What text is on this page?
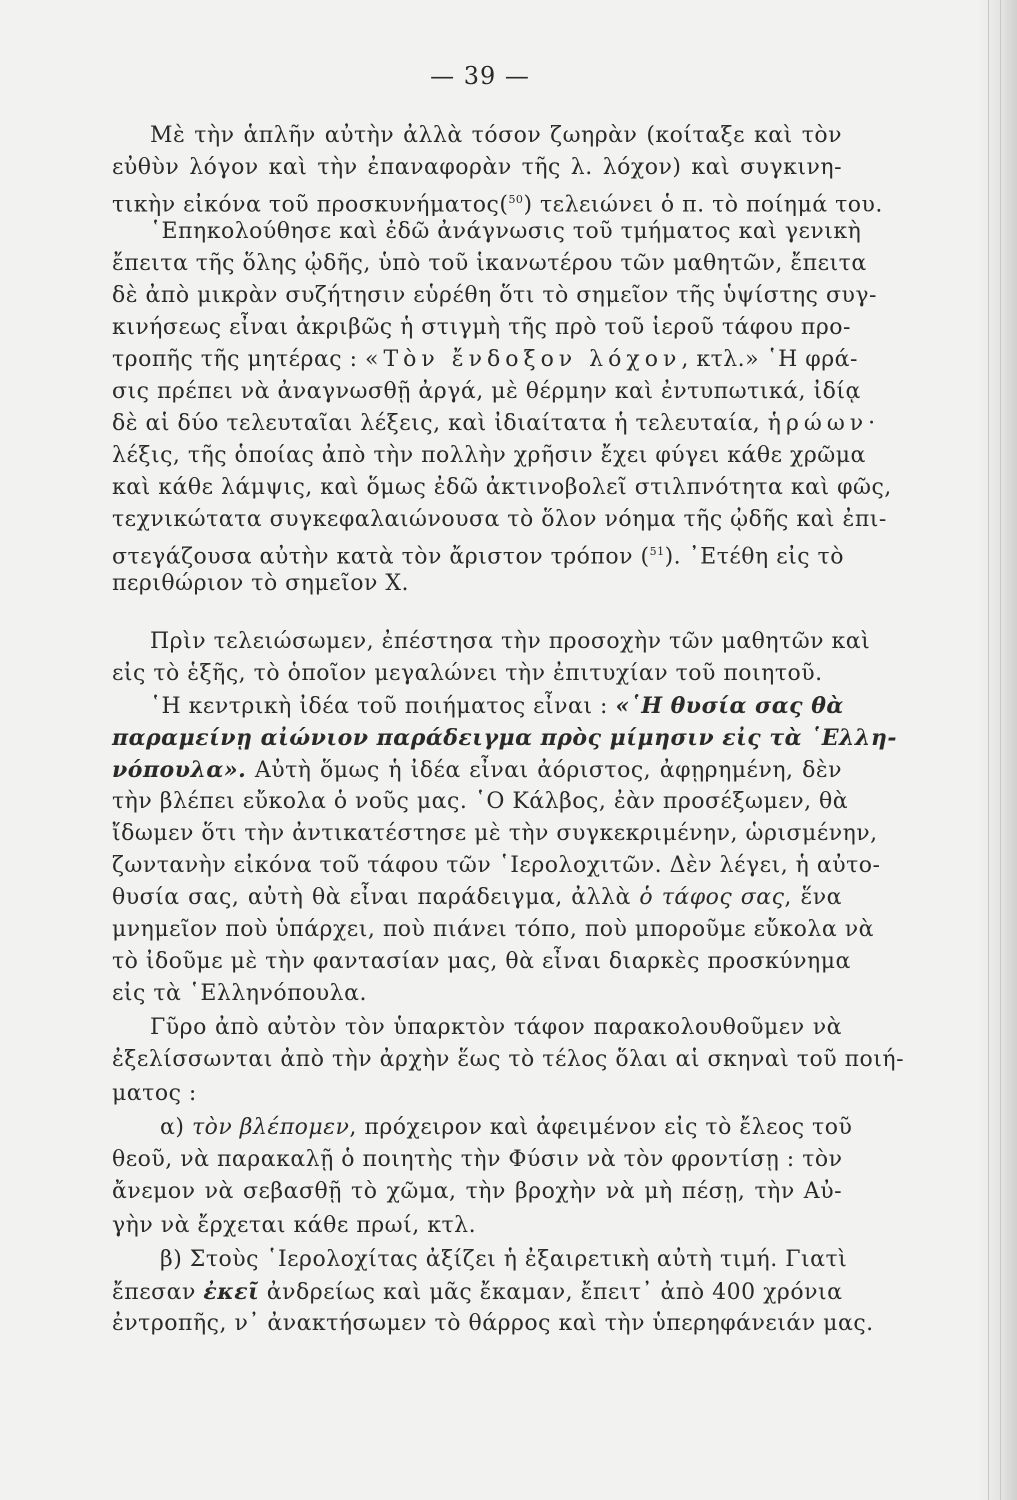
— 39 —
Μὲ τὴν ἁπλῆν αὐτὴν ἀλλὰ τόσον ζωηρὰν (κοίταξε καὶ τὸν
εὐθὺν λόγον καὶ τὴν ἐπαναφορὰν τῆς λ. λόχον) καὶ συγκινη-
τικὴν εἰκόνα τοῦ προσκυνήματος($^{50}$) τελειώνει ὁ π. τὸ ποίημά του.
῾Επηκολούθησε καὶ ἐδῶ ἀνάγνωσις τοῦ τμήματος καὶ γενικὴ
ἔπειτα τῆς ὅλης ᾠδῆς, ὑπὸ τοῦ ἱκανωτέρου τῶν μαθητῶν, ἔπειτα
δὲ ἀπὸ μικρὰν συζήτησιν εὑρέθη ὅτι τὸ σημεῖον τῆς ὑψίστης συγ-
κινήσεως εἶναι ἀκριβῶς ἡ στιγμὴ τῆς πρὸ τοῦ ἱεροῦ τάφου προ-
τροπῆς τῆς μητέρας : «Τὸν ἔνδοξον λόχον, κτλ.» ῾Η φρά-
σις πρέπει νὰ ἀναγνωσθῇ ἀργά, μὲ θέρμην καὶ ἐντυπωτικά, ἰδίᾳ
δὲ αἱ δύο τελευταῖαι λέξεις, καὶ ἰδιαίτατα ἡ τελευταία, ἡρώων·
λέξις, τῆς ὁποίας ἀπὸ τὴν πολλὴν χρῆσιν ἔχει φύγει κάθε χρῶμα
καὶ κάθε λάμψις, καὶ ὅμως ἐδῶ ἀκτινοβολεῖ στιλπνότητα καὶ φῶς,
τεχνικώτατα συγκεφαλαιώνουσα τὸ ὅλον νόημα τῆς ᾠδῆς καὶ ἐπι-
στεγάζουσα αὐτὴν κατὰ τὸν ἄριστον τρόπον ($^{51}$). ᾿Ετέθη εἰς τὸ
περιθώριον τὸ σημεῖον Χ.
Πρὶν τελειώσωμεν, ἐπέστησα τὴν προσοχὴν τῶν μαθητῶν καὶ
εἰς τὸ ἑξῆς, τὸ ὁποῖον μεγαλώνει τὴν ἐπιτυχίαν τοῦ ποιητοῦ.
῾Η κεντρικὴ ἰδέα τοῦ ποιήματος εἶναι : «῾Η θυσία σας θὰ
παραμείνῃ αἰώνιον παράδειγμα πρὸς μίμησιν εἰς τὰ ῾Ελλη-
νόπουλα». Αὐτὴ ὅμως ἡ ἰδέα εἶναι ἀόριστος, ἀφῃρημένη, δὲν
τὴν βλέπει εὔκολα ὁ νοῦς μας. ῾Ο Κάλβος, ἐὰν προσέξωμεν, θὰ
ἴδωμεν ὅτι τὴν ἀντικατέστησε μὲ τὴν συγκεκριμένην, ὡρισμένην,
ζωντανὴν εἰκόνα τοῦ τάφου τῶν ῾Ιερολοχιτῶν. Δὲν λέγει, ἡ αὐτο-
θυσία σας, αὐτὴ θὰ εἶναι παράδειγμα, ἀλλὰ ὁ τάφος σας, ἕνα
μνημεῖον ποὺ ὑπάρχει, ποὺ πιάνει τόπο, ποὺ μποροῦμε εὔκολα νὰ
τὸ ἰδοῦμε μὲ τὴν φαντασίαν μας, θὰ εἶναι διαρκὲς προσκύνημα
εἰς τὰ ῾Ελληνόπουλα.
Γῦρο ἀπὸ αὐτὸν τὸν ὑπαρκτὸν τάφον παρακολουθοῦμεν νὰ
ἐξελίσσωνται ἀπὸ τὴν ἀρχὴν ἕως τὸ τέλος ὅλαι αἱ σκηναὶ τοῦ ποιή-
ματος :
α) τὸν βλέπομεν, πρόχειρον καὶ ἀφειμένον εἰς τὸ ἔλεος τοῦ
θεοῦ, νὰ παρακαλῇ ὁ ποιητὴς τὴν Φύσιν νὰ τὸν φροντίσῃ : τὸν
ἄνεμον νὰ σεβασθῇ τὸ χῶμα, τὴν βροχὴν νὰ μὴ πέσῃ, τὴν Αὐ-
γὴν νὰ ἔρχεται κάθε πρωί, κτλ.
β) Στοὺς ῾Ιερολοχίτας ἀξίζει ἡ ἐξαιρετικὴ αὐτὴ τιμή. Γιατὶ
ἔπεσαν ἐκεῖ ἀνδρείως καὶ μᾶς ἔκαμαν, ἔπειτ᾿ ἀπὸ 400 χρόνια
ἐντροπῆς, ν᾿ ἀνακτήσωμεν τὸ θάρρος καὶ τὴν ὑπερηφάνειάν μας.
